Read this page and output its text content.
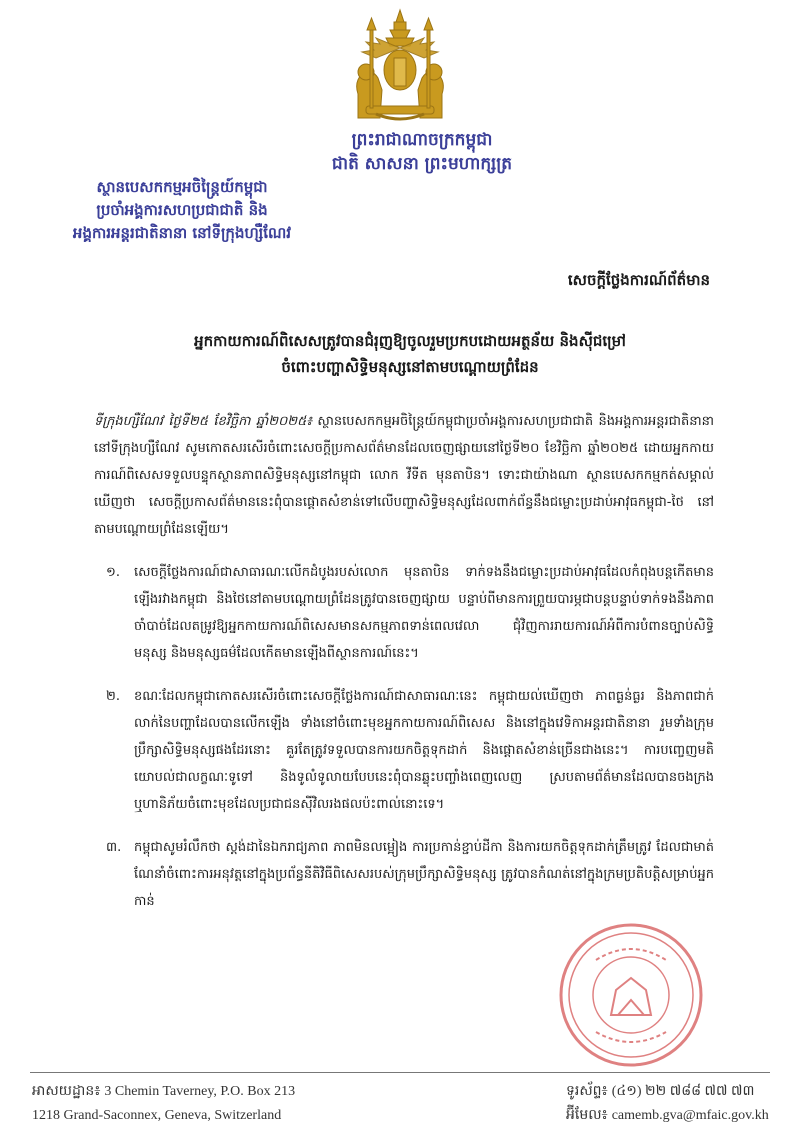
ព្រះរាជាណាចក្រកម្ពុជា
ជាតិ សាសនា ព្រះមហាក្សត្រ
ស្ថានបេសកកម្មអចិន្ត្រៃយ៍កម្ពុជា
ប្រចាំអង្គការសហប្រជាជាតិ និង
អង្គការអន្តរជាតិនានា នៅទីក្រុងហ្សឺណែវ
សេចក្តីថ្លែងការណ៍ព័ត៌មាន
អ្នកកាយការណ៍ពិសេសត្រូវបានជំរុញឱ្យចូលរួមប្រកបដោយអត្ថន័យ និងស៊ីជម្រៅ
ចំពោះបញ្ហាសិទ្ធិមនុស្សនៅតាមបណ្តោយព្រំដែន

ទីក្រុងហ្សឺណែវ ថ្ងៃទី២៥ ខែវិច្ឆិកា ឆ្នាំ២០២៥៖ ស្ថានបេសកកម្មអចិន្ត្រៃយ៍កម្ពុជាប្រចាំអង្គការសហប្រជាជាតិ និងអង្គការអន្តរជាតិនានានៅទីក្រុងហ្សឺណែវ សូមកោតសរសើរចំពោះសេចក្តីប្រកាសព័ត៌មានដែលចេញផ្សាយនៅថ្ងៃទី២០ ខែវិច្ឆិកា ឆ្នាំ២០២៥ ដោយអ្នកកាយការណ៍ពិសេសទទួលបន្ទុកស្ថានភាពសិទ្ធិមនុស្សនៅកម្ពុជា លោក វីទីត មុនតាបិន។ ទោះជាយ៉ាងណា ស្ថានបេសកកម្មកត់សម្គាល់ឃើញថា សេចក្តីប្រកាសព័ត៌មាននេះពុំបានផ្តោតសំខាន់ទៅលើបញ្ហាសិទ្ធិមនុស្សដែលពាក់ព័ន្ធនឹងជម្លោះប្រដាប់អាវុធកម្ពុជា-ថៃ នៅតាមបណ្តោយព្រំដែនឡើយ។

១.	សេចក្តីថ្លែងការណ៍ជាសាធារណៈលើកដំបូងរបស់លោក មុនតាបិន ទាក់ទងនឹងជម្លោះប្រដាប់អាវុធដែលកំពុងបន្តកើតមានឡើងរវាងកម្ពុជា និងថៃនៅតាមបណ្តោយព្រំដែនត្រូវបានចេញផ្សាយ បន្ទាប់ពីមានការព្រួយបារម្ភជាបន្តបន្ទាប់ទាក់ទងនឹងភាពចាំបាច់ដែលតម្រូវឱ្យអ្នកកាយការណ៍ពិសេសមានសកម្មភាពទាន់ពេលវេលា ជុំវិញការរាយការណ៍អំពីការបំពានច្បាប់សិទ្ធិមនុស្ស និងមនុស្សធម៌ដែលកើតមានឡើងពីស្ថានការណ៍នេះ។
២.	ខណៈដែលកម្ពុជាកោតសរសើរចំពោះសេចក្តីថ្លែងការណ៍ជាសាធារណៈនេះ កម្ពុជាយល់ឃើញថា ភាពធ្ងន់ធ្ងរ និងភាពជាក់លាក់នៃបញ្ហាដែលបានលើកឡើង ទាំងនៅចំពោះមុខអ្នកកាយការណ៍ពិសេស និងនៅក្នុងវេទិកាអន្តរជាតិនានា រួមទាំងក្រុមប្រឹក្សាសិទ្ធិមនុស្សផងដែរនោះ គួរតែត្រូវទទួលបានការយកចិត្តទុកដាក់ និងផ្តោតសំខាន់ច្រើនជាងនេះ។ ការបញ្ចេញមតិយោបល់ជាលក្ខណៈទូទៅ និងទូលំទូលាយបែបនេះពុំបានឆ្លុះបញ្ចាំងពេញលេញ ស្របតាមព័ត៌មានដែលបានចងក្រង ឬហានិភ័យចំពោះមុខដែលប្រជាជនស៊ីវិលរងផលប៉ះពាល់នោះទេ។
៣. កម្ពុជាសូមរំលឹកថា ស្តង់ដានៃឯករាជ្យភាព ភាពមិនលម្អៀង ការប្រកាន់ខ្ជាប់ដីកា និងការយកចិត្តទុកដាក់ត្រឹមត្រូវ ដែលជាមាត់ណែនាំចំពោះការអនុវត្តនៅក្នុងប្រព័ន្ធនីតិវិធីពិសេសរបស់ក្រុមប្រឹក្សាសិទ្ធិមនុស្ស ត្រូវបានកំណត់នៅក្នុងក្រមប្រតិបត្តិសម្រាប់អ្នកកាន់
អាសយដ្ឋាន៖ 3 Chemin Taverney, P.O. Box 213
1218 Grand-Saconnex, Geneva, Switzerland
ទូរស័ព្ទ៖ (៤១) ២២ ៧៨៨ ៧៧ ៧៣
អ៊ីមែល៖ camemb.gva@mfaic.gov.kh
